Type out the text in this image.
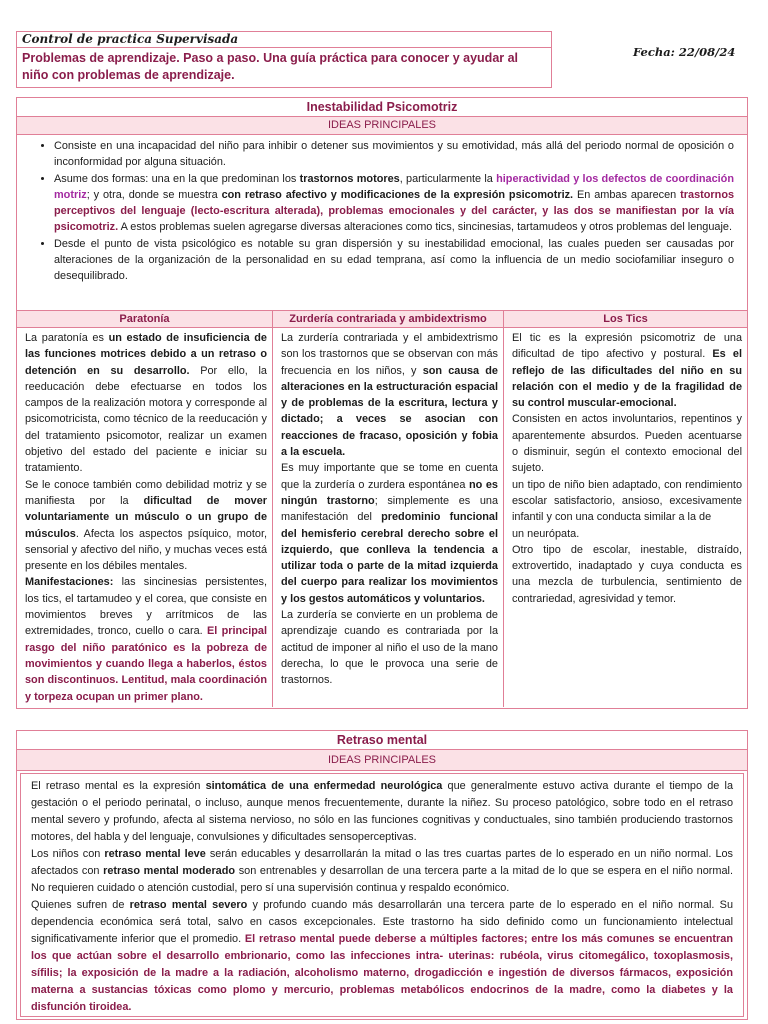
Control de practica Supervisada
Problemas de aprendizaje. Paso a paso. Una guía práctica para conocer y ayudar al niño con problemas de aprendizaje.
Fecha: 22/08/24
Inestabilidad Psicomotriz
IDEAS PRINCIPALES
• Consiste en una incapacidad del niño para inhibir o detener sus movimientos y su emotividad, más allá del periodo normal de oposición o inconformidad por alguna situación.
• Asume dos formas: una en la que predominan los trastornos motores, particularmente la hiperactividad y los defectos de coordinación motriz; y otra, donde se muestra con retraso afectivo y modificaciones de la expresión psicomotriz. En ambas aparecen trastornos perceptivos del lenguaje (lecto-escritura alterada), problemas emocionales y del carácter, y las dos se manifiestan por la vía psicomotriz. A estos problemas suelen agregarse diversas alteraciones como tics, sincinesias, tartamudeos y otros problemas del lenguaje.
• Desde el punto de vista psicológico es notable su gran dispersión y su inestabilidad emocional, las cuales pueden ser causadas por alteraciones de la organización de la personalidad en su edad temprana, así como la influencia de un medio sociofamiliar inseguro o desequilibrado.
Paratonía
La paratonía es un estado de insuficiencia de las funciones motrices debido a un retraso o detención en su desarrollo. Por ello, la reeducación debe efectuarse en todos los campos de la realización motora y corresponde al psicomotricista, como técnico de la reeducación y del tratamiento psicomotor, realizar un examen objetivo del estado del paciente e iniciar su tratamiento.
Se le conoce también como debilidad motriz y se manifiesta por la dificultad de mover voluntariamente un músculo o un grupo de músculos. Afecta los aspectos psíquico, motor, sensorial y afectivo del niño, y muchas veces está presente en los débiles mentales.
Manifestaciones: las sincinesias persistentes, los tics, el tartamudeo y el corea, que consiste en movimientos breves y arrítmicos de las extremidades, tronco, cuello o cara. El principal rasgo del niño paratónico es la pobreza de movimientos y cuando llega a haberlos, éstos son discontinuos. Lentitud, mala coordinación y torpeza ocupan un primer plano.
Zurdería contrariada y ambidextrismo
La zurdería contrariada y el ambidextrismo son los trastornos que se observan con más frecuencia en los niños, y son causa de alteraciones en la estructuración espacial y de problemas de la escritura, lectura y dictado; a veces se asocian con reacciones de fracaso, oposición y fobia a la escuela.
Es muy importante que se tome en cuenta que la zurdería o zurdera espontánea no es ningún trastorno; simplemente es una manifestación del predominio funcional del hemisferio cerebral derecho sobre el izquierdo, que conlleva la tendencia a utilizar toda o parte de la mitad izquierda del cuerpo para realizar los movimientos y los gestos automáticos y voluntarios.
La zurdería se convierte en un problema de aprendizaje cuando es contrariada por la actitud de imponer al niño el uso de la mano derecha, lo que le provoca una serie de trastornos.
Los Tics
El tic es la expresión psicomotriz de una dificultad de tipo afectivo y postural. Es el reflejo de las dificultades del niño en su relación con el medio y de la fragilidad de su control muscular-emocional.
Consisten en actos involuntarios, repentinos y aparentemente absurdos. Pueden acentuarse o disminuir, según el contexto emocional del sujeto.
un tipo de niño bien adaptado, con rendimiento escolar satisfactorio, ansioso, excesivamente infantil y con una conducta similar a la de
un neurópata.
Otro tipo de escolar, inestable, distraído, extrovertido, inadaptado y cuya conducta es una mezcla de turbulencia, sentimiento de contrariedad, agresividad y temor.
Retraso mental
IDEAS PRINCIPALES
El retraso mental es la expresión sintomática de una enfermedad neurológica que generalmente estuvo activa durante el tiempo de la gestación o el periodo perinatal, o incluso, aunque menos frecuentemente, durante la niñez. Su proceso patológico, sobre todo en el retraso mental severo y profundo, afecta al sistema nervioso, no sólo en las funciones cognitivas y conductuales, sino también produciendo trastornos motores, del habla y del lenguaje, convulsiones y dificultades sensoperceptivas.
Los niños con retraso mental leve serán educables y desarrollarán la mitad o las tres cuartas partes de lo esperado en un niño normal. Los afectados con retraso mental moderado son entrenables y desarrollan de una tercera parte a la mitad de lo que se espera en el niño normal. No requieren cuidado o atención custodial, pero sí una supervisión continua y respaldo económico.
Quienes sufren de retraso mental severo y profundo cuando más desarrollarán una tercera parte de lo esperado en el niño normal. Su dependencia económica será total, salvo en casos excepcionales. Este trastorno ha sido definido como un funcionamiento intelectual significativamente inferior que el promedio. El retraso mental puede deberse a múltiples factores; entre los más comunes se encuentran los que actúan sobre el desarrollo embrionario, como las infecciones intra- uterinas: rubéola, virus citomegálico, toxoplasmosis, sífilis; la exposición de la madre a la radiación, alcoholismo materno, drogadicción e ingestión de diversos fármacos, exposición materna a sustancias tóxicas como plomo y mercurio, problemas metabólicos endocrinos de la madre, como la diabetes y la disfunción tiroidea.
